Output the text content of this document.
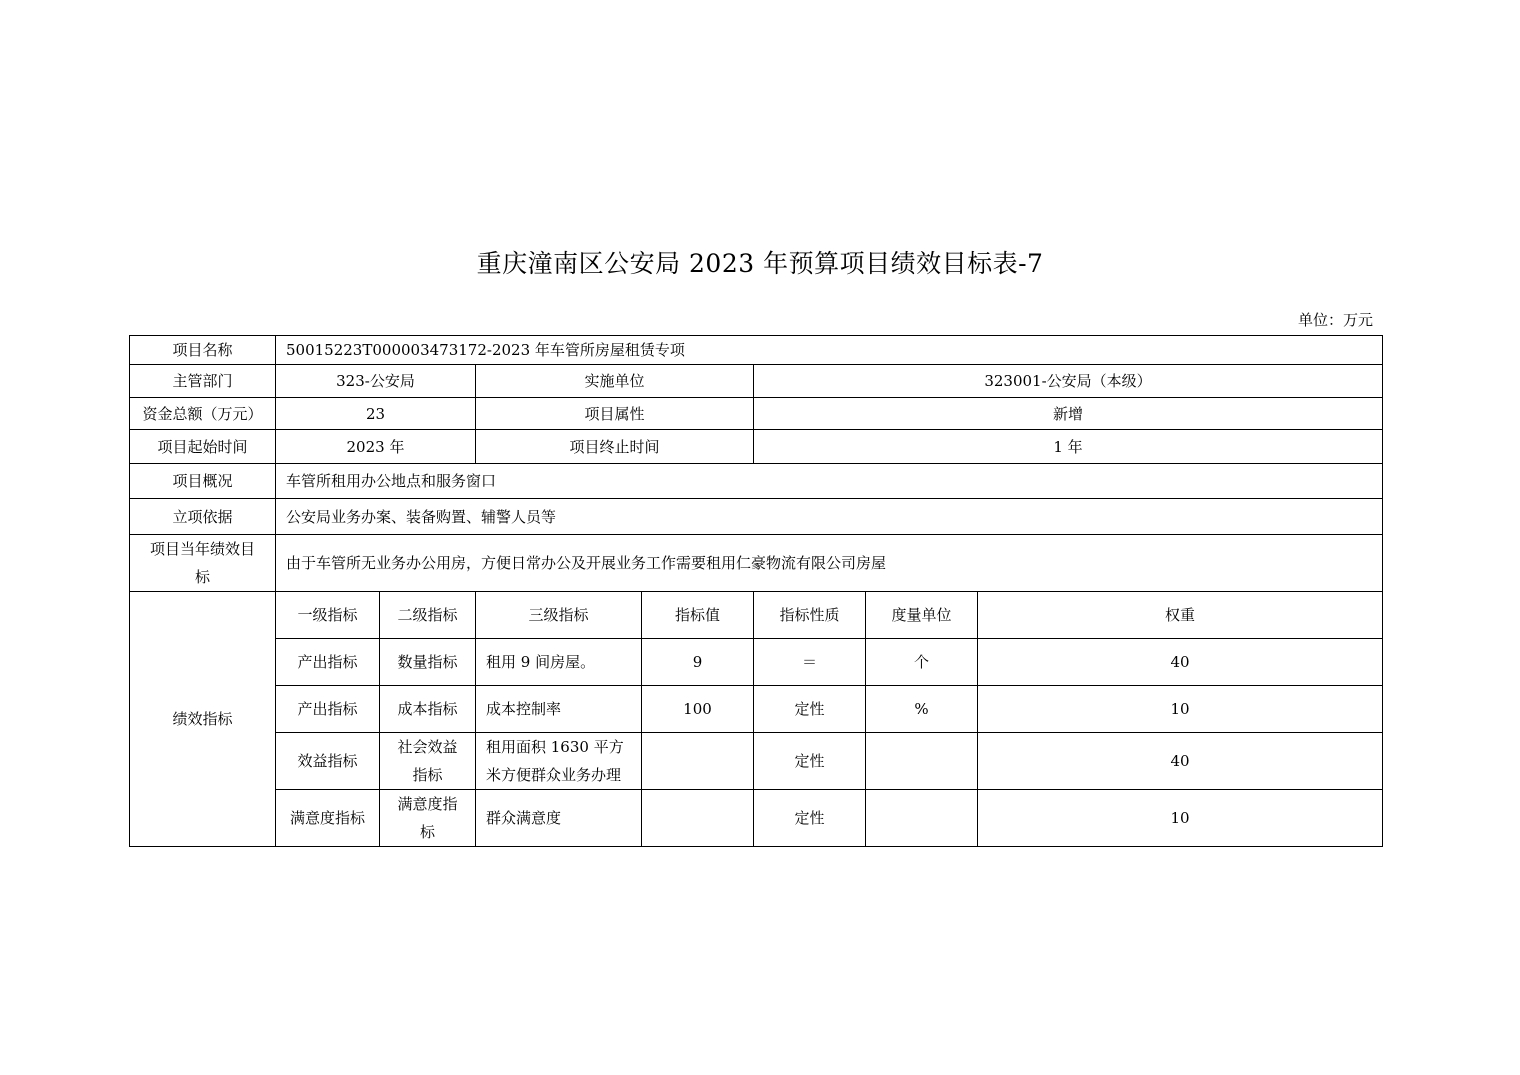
重庆潼南区公安局 2023 年预算项目绩效目标表-7
单位：万元
项目名称	50015223T000003473172-2023 年车管所房屋租赁专项						
主管部门	323-公安局		实施单位		323001-公安局（本级）		
资金总额（万元）	23		项目属性		新增		
项目起始时间	2023 年		项目终止时间		1 年		
项目概况	车管所租用办公地点和服务窗口						
立项依据	公安局业务办案、装备购置、辅警人员等						
项目当年绩效目标	由于车管所无业务办公用房，方便日常办公及开展业务工作需要租用仁豪物流有限公司房屋						
绩效指标	一级指标	二级指标	三级指标	指标值	指标性质	度量单位	权重
	产出指标	数量指标	租用 9 间房屋。	9	＝	个	40
	产出指标	成本指标	成本控制率	100	定性	%	10
	效益指标	社会效益指标	租用面积 1630 平方米方便群众业务办理		定性		40
	满意度指标	满意度指标	群众满意度		定性		10
